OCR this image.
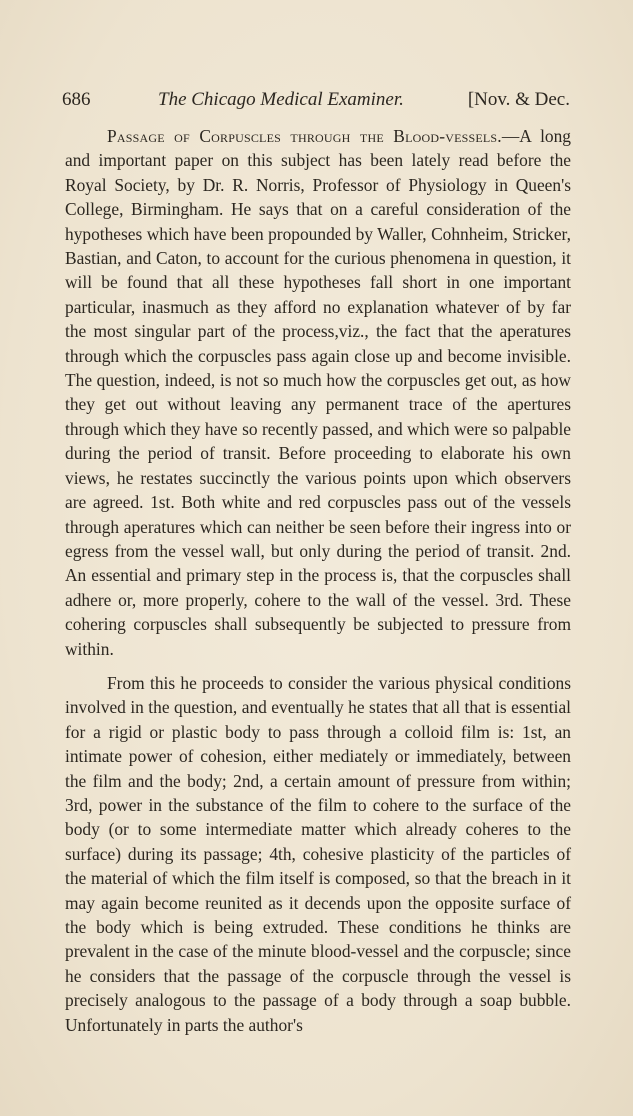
686	The Chicago Medical Examiner.	[Nov. & Dec.

Passage of Corpuscles through the Blood-vessels.—A long and important paper on this subject has been lately read before the Royal Society, by Dr. R. Norris, Professor of Physiology in Queen's College, Birmingham. He says that on a careful consideration of the hypotheses which have been propounded by Waller, Cohnheim, Stricker, Bastian, and Caton, to account for the curious phenomena in question, it will be found that all these hypotheses fall short in one important particular, inasmuch as they afford no explanation whatever of by far the most singular part of the process,viz., the fact that the aperatures through which the corpuscles pass again close up and become invisible. The question, indeed, is not so much how the corpuscles get out, as how they get out without leaving any permanent trace of the apertures through which they have so recently passed, and which were so palpable during the period of transit. Before proceeding to elaborate his own views, he restates succinctly the various points upon which observers are agreed. 1st. Both white and red corpuscles pass out of the vessels through aperatures which can neither be seen before their ingress into or egress from the vessel wall, but only during the period of transit. 2nd. An essential and primary step in the process is, that the corpuscles shall adhere or, more properly, cohere to the wall of the vessel. 3rd. These cohering corpuscles shall subsequently be subjected to pressure from within.

From this he proceeds to consider the various physical conditions involved in the question, and eventually he states that all that is essential for a rigid or plastic body to pass through a colloid film is: 1st, an intimate power of cohesion, either mediately or immediately, between the film and the body; 2nd, a certain amount of pressure from within; 3rd, power in the substance of the film to cohere to the surface of the body (or to some intermediate matter which already coheres to the surface) during its passage; 4th, cohesive plasticity of the particles of the material of which the film itself is composed, so that the breach in it may again become reunited as it decends upon the opposite surface of the body which is being extruded. These conditions he thinks are prevalent in the case of the minute blood-vessel and the corpuscle; since he considers that the passage of the corpuscle through the vessel is precisely analogous to the passage of a body through a soap bubble. Unfortunately in parts the author's
